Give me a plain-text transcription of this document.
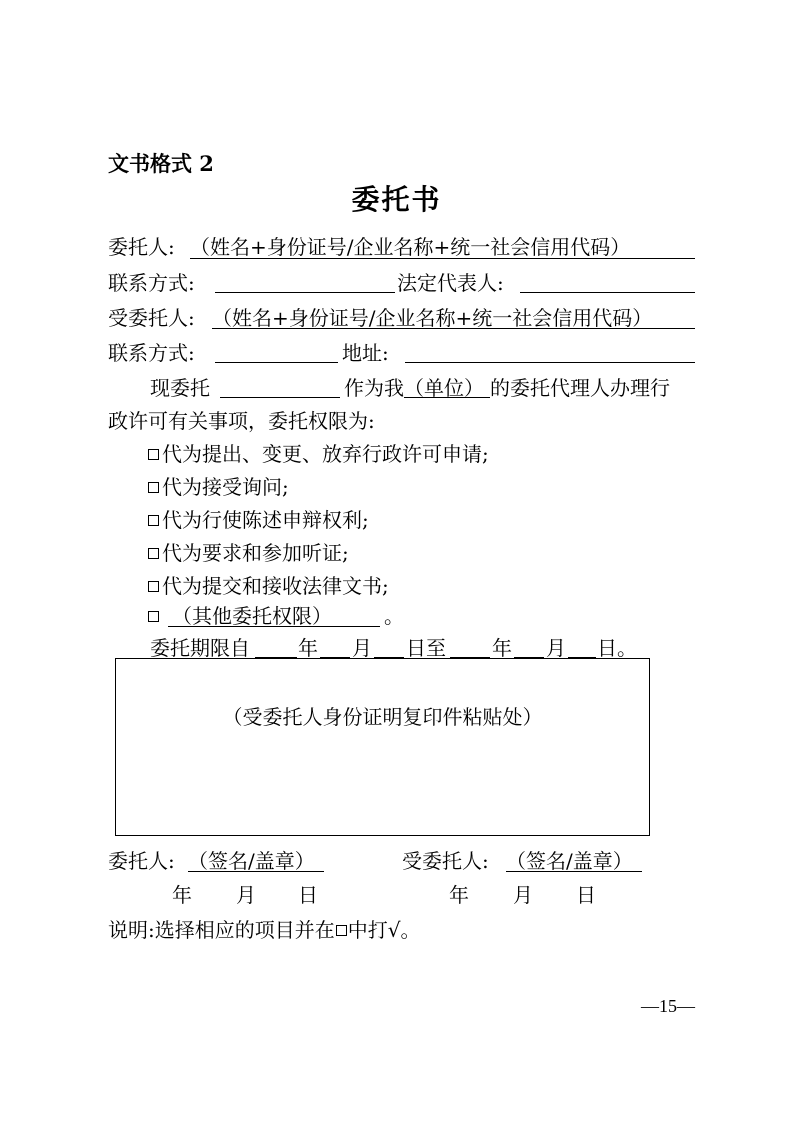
文书格式 2
委托书
委托人: （姓名+身份证号/企业名称+统一社会信用代码）
联系方式:	法定代表人:
受委托人: （姓名+身份证号/企业名称+统一社会信用代码）
联系方式:	地址:
现委托	作为我 （单位） 的委托代理人办理行
政许可有关事项，委托权限为:
代为提出、变更、放弃行政许可申请;
代为接受询问;
代为行使陈述申辩权利;
代为要求和参加听证;
代为提交和接收法律文书;
（其他委托权限）	。
委托期限自 年 月 日至 年 月 日。
（受委托人身份证明复印件粘贴处）
委托人: （签名/盖章）	受委托人: （签名/盖章）
年 月 日	年 月 日
说明:选择相应的项目并在 中打√。
—15—
